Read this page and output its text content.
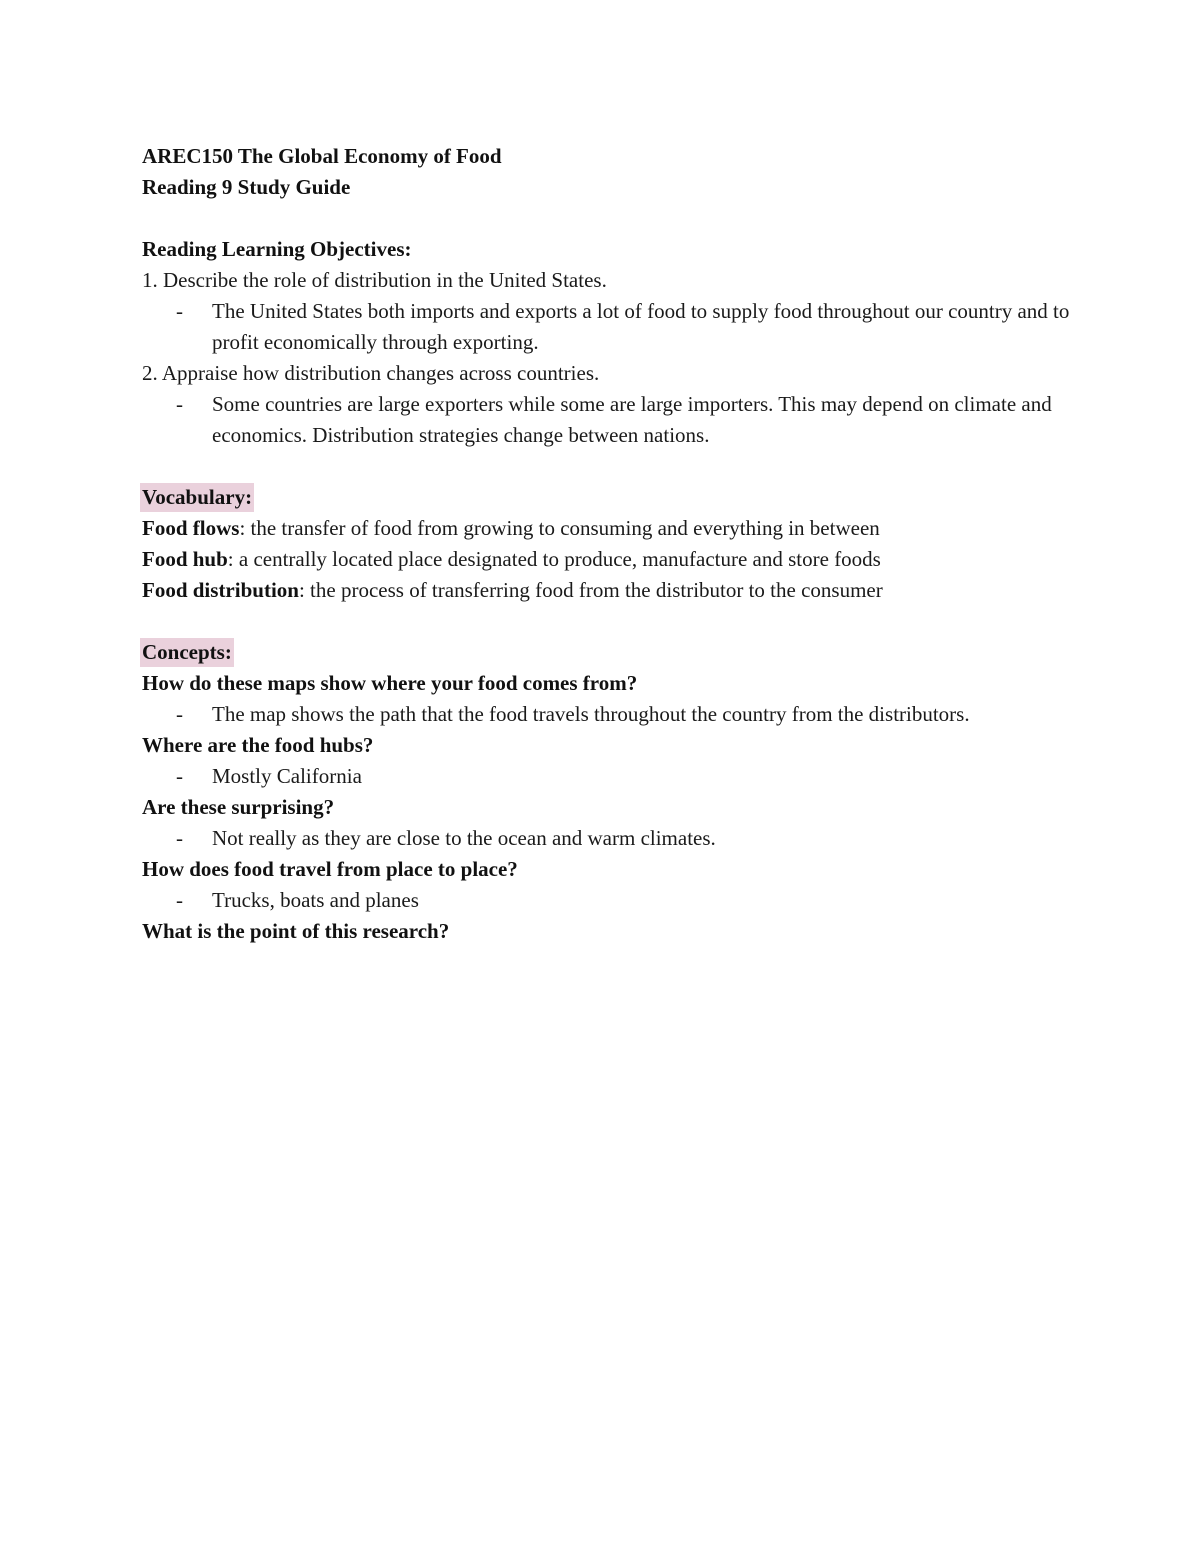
AREC150 The Global Economy of Food
Reading 9 Study Guide
Reading Learning Objectives:
1. Describe the role of distribution in the United States.
- The United States both imports and exports a lot of food to supply food throughout our country and to profit economically through exporting.
2. Appraise how distribution changes across countries.
- Some countries are large exporters while some are large importers. This may depend on climate and economics. Distribution strategies change between nations.
Vocabulary:
Food flows: the transfer of food from growing to consuming and everything in between
Food hub: a centrally located place designated to produce, manufacture and store foods
Food distribution: the process of transferring food from the distributor to the consumer
Concepts:
How do these maps show where your food comes from?
- The map shows the path that the food travels throughout the country from the distributors.
Where are the food hubs?
- Mostly California
Are these surprising?
- Not really as they are close to the ocean and warm climates.
How does food travel from place to place?
- Trucks, boats and planes
What is the point of this research?
